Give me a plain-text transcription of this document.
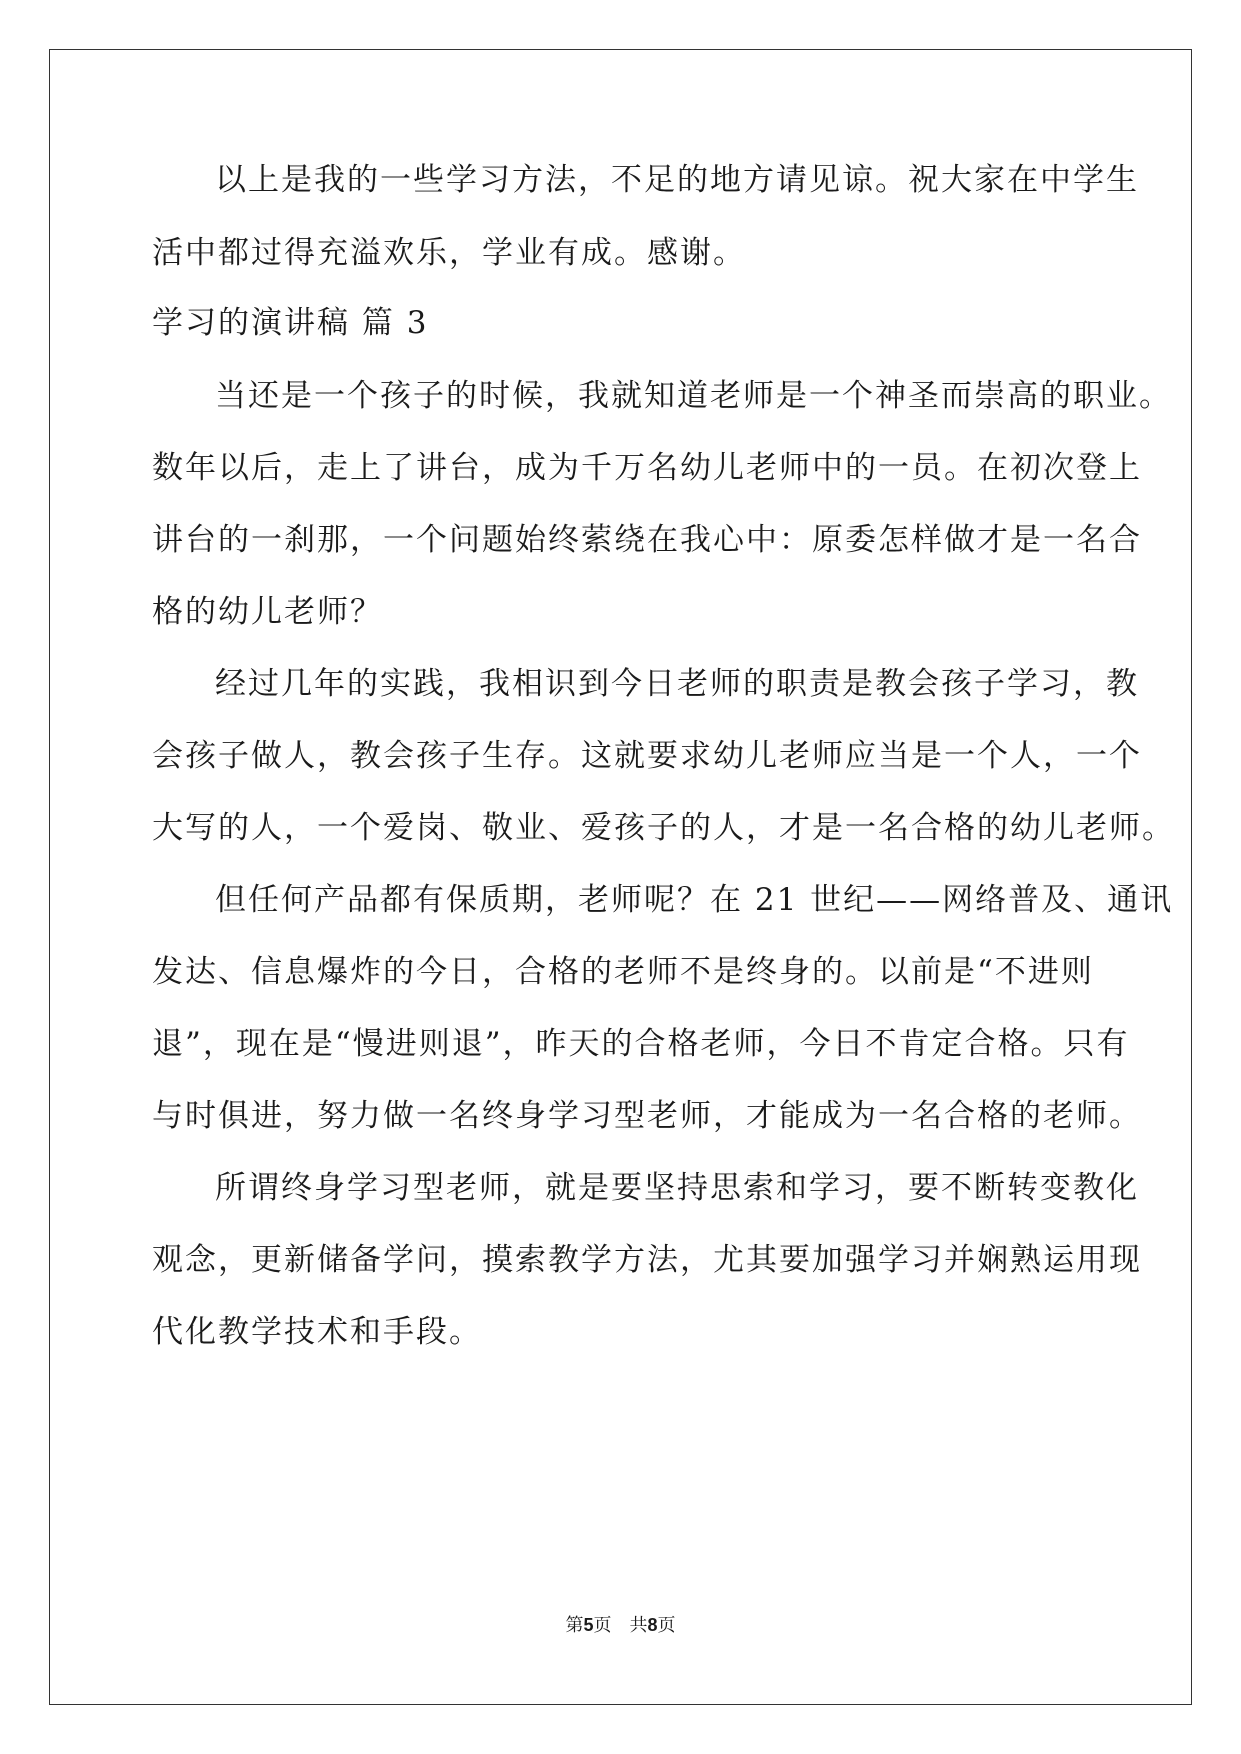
以上是我的一些学习方法，不足的地方请见谅。祝大家在中学生
活中都过得充溢欢乐，学业有成。感谢。
学习的演讲稿 篇 3
当还是一个孩子的时候，我就知道老师是一个神圣而崇高的职业。
数年以后，走上了讲台，成为千万名幼儿老师中的一员。在初次登上
讲台的一刹那，一个问题始终萦绕在我心中：原委怎样做才是一名合
格的幼儿老师？
经过几年的实践，我相识到今日老师的职责是教会孩子学习，教
会孩子做人，教会孩子生存。这就要求幼儿老师应当是一个人，一个
大写的人，一个爱岗、敬业、爱孩子的人，才是一名合格的幼儿老师。
但任何产品都有保质期，老师呢？在 21 世纪——网络普及、通讯
发达、信息爆炸的今日，合格的老师不是终身的。以前是“不进则
退”，现在是“慢进则退”，昨天的合格老师，今日不肯定合格。只有
与时俱进，努力做一名终身学习型老师，才能成为一名合格的老师。
所谓终身学习型老师，就是要坚持思索和学习，要不断转变教化
观念，更新储备学问，摸索教学方法，尤其要加强学习并娴熟运用现
代化教学技术和手段。
第5页　共8页
